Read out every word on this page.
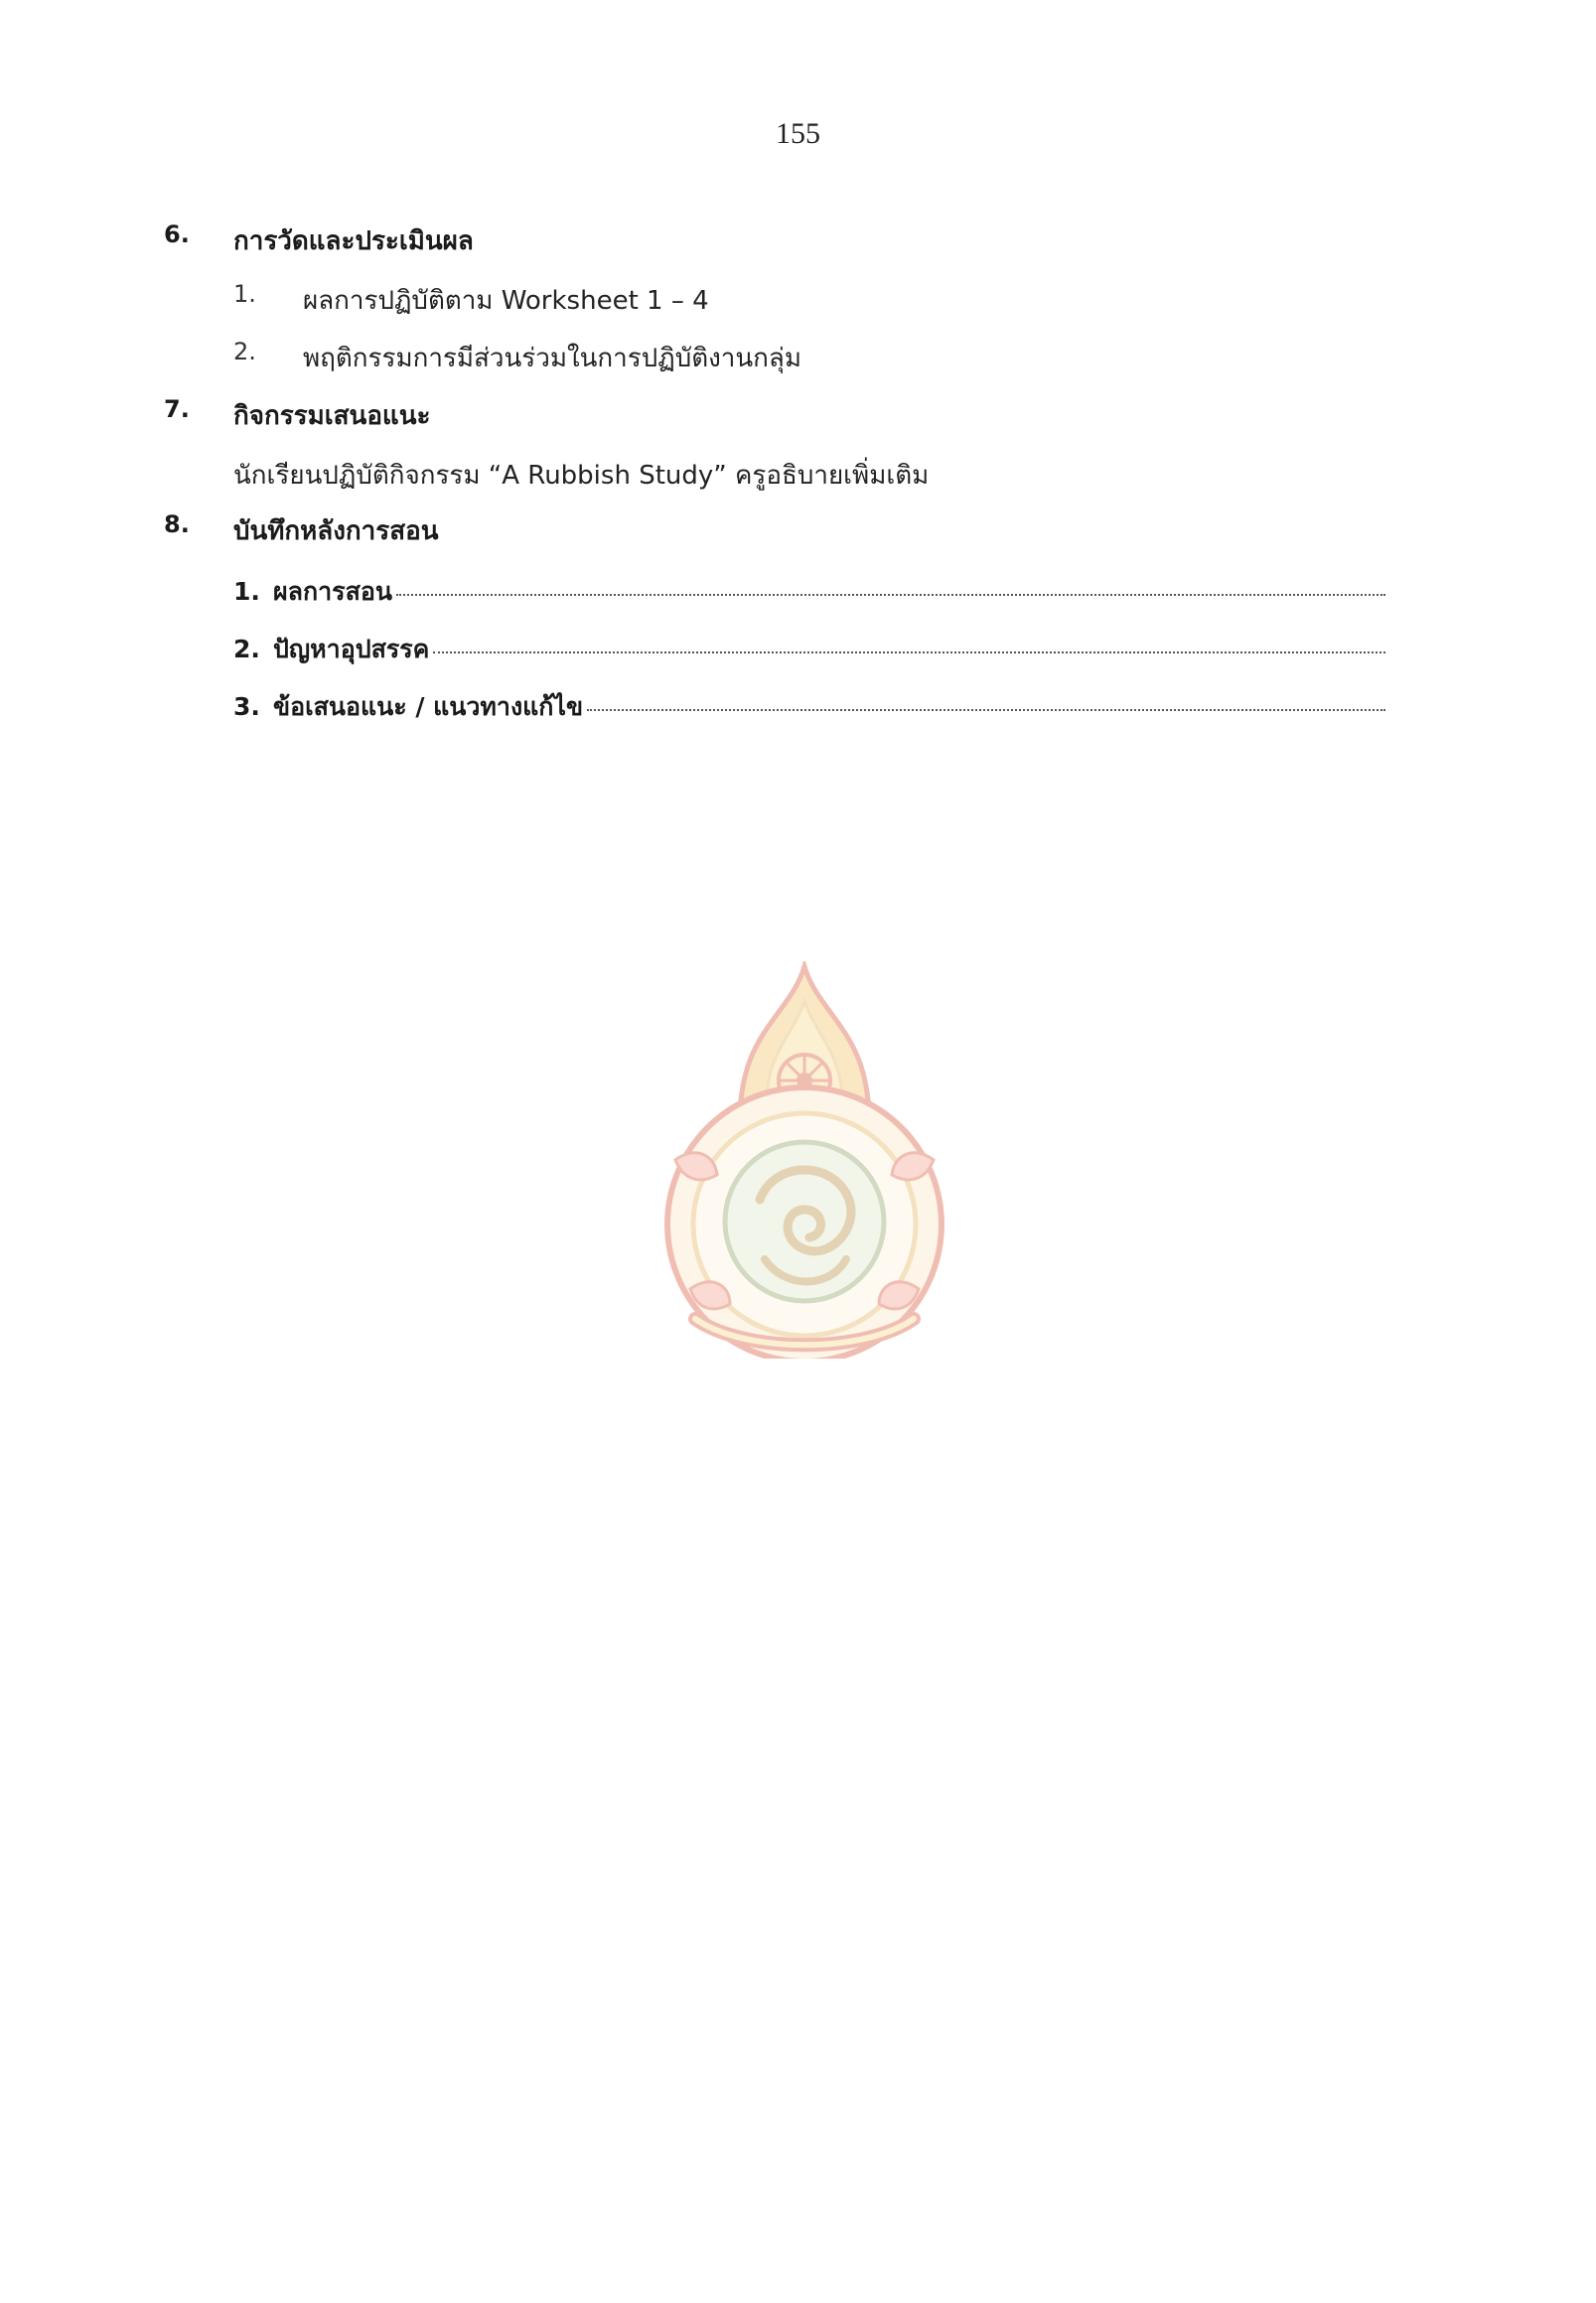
155
6. การวัดและประเมินผล
1. ผลการปฏิบัติตาม Worksheet 1 – 4
2. พฤติกรรมการมีส่วนร่วมในการปฏิบัติงานกลุ่ม
7. กิจกรรมเสนอแนะ
นักเรียนปฏิบัติกิจกรรม “A Rubbish Study” ครูอธิบายเพิ่มเติม
8. บันทึกหลังการสอน
1. ผลการสอน
2. ปัญหาอุปสรรค
3. ข้อเสนอแนะ / แนวทางแก้ไข
